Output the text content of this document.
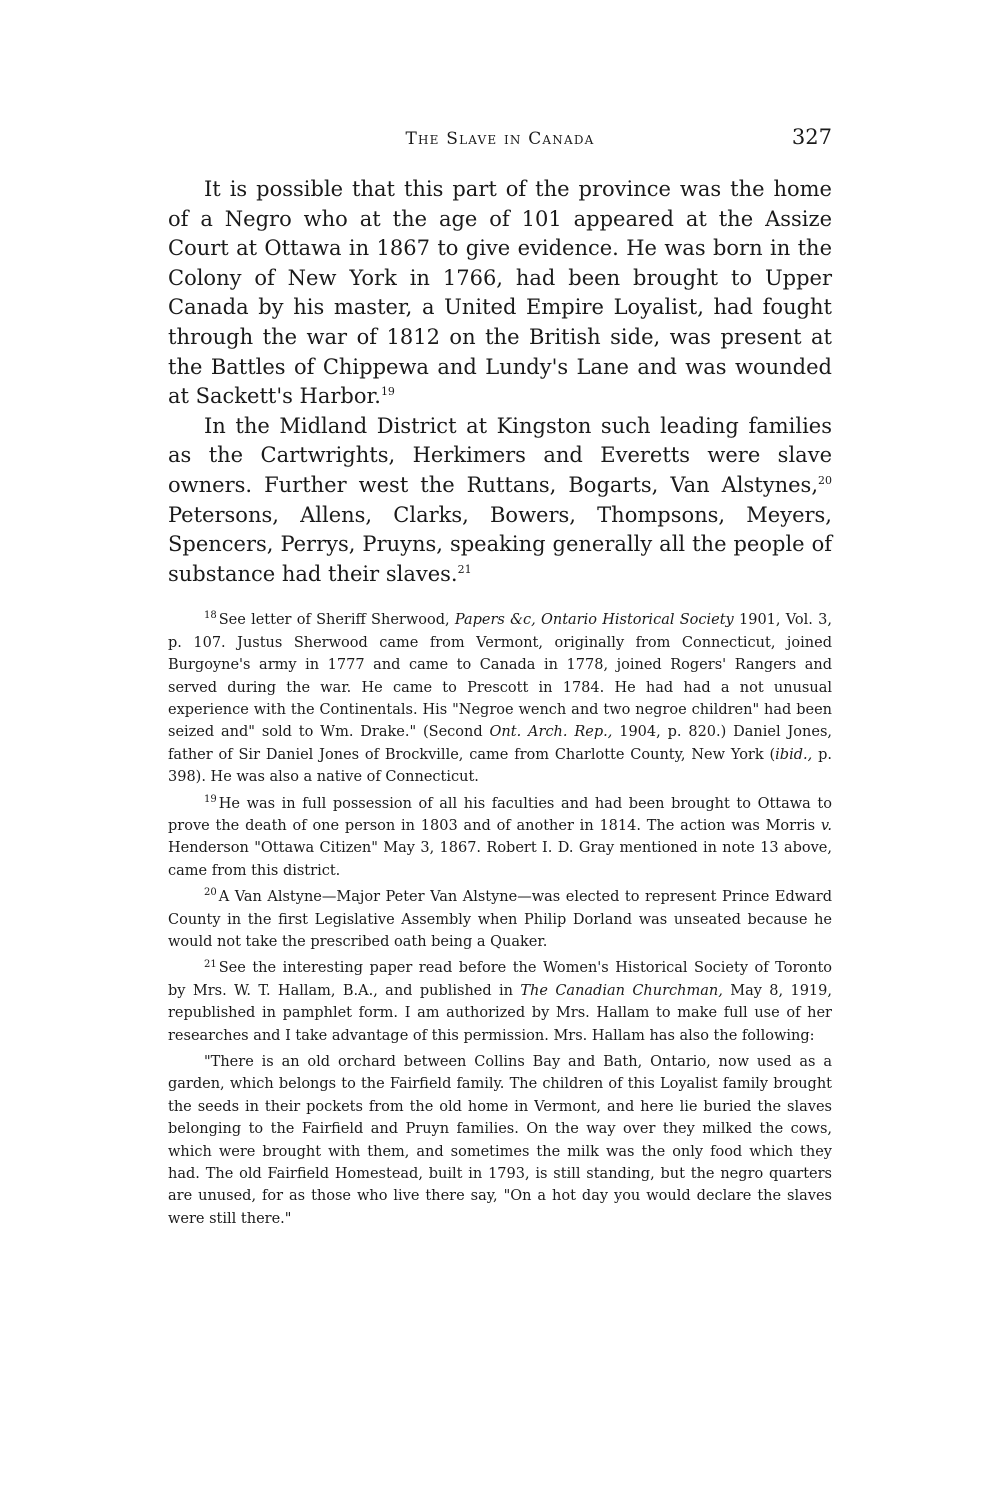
The Slave in Canada	327

It is possible that this part of the province was the home of a Negro who at the age of 101 appeared at the Assize Court at Ottawa in 1867 to give evidence. He was born in the Colony of New York in 1766, had been brought to Upper Canada by his master, a United Empire Loyalist, had fought through the war of 1812 on the British side, was present at the Battles of Chippewa and Lundy's Lane and was wounded at Sackett's Harbor.$^{19}$

In the Midland District at Kingston such leading families as the Cartwrights, Herkimers and Everetts were slave owners. Further west the Ruttans, Bogarts, Van Alstynes,$^{20}$ Petersons, Allens, Clarks, Bowers, Thompsons, Meyers, Spencers, Perrys, Pruyns, speaking generally all the people of substance had their slaves.$^{21}$

$^{18}$ See letter of Sheriff Sherwood, Papers &c, Ontario Historical Society 1901, Vol. 3, p. 107. Justus Sherwood came from Vermont, originally from Connecticut, joined Burgoyne's army in 1777 and came to Canada in 1778, joined Rogers' Rangers and served during the war. He came to Prescott in 1784. He had had a not unusual experience with the Continentals. His "Negroe wench and two negroe children" had been seized and" sold to Wm. Drake." (Second Ont. Arch. Rep., 1904, p. 820.) Daniel Jones, father of Sir Daniel Jones of Brockville, came from Charlotte County, New York (ibid., p. 398). He was also a native of Connecticut.

$^{19}$ He was in full possession of all his faculties and had been brought to Ottawa to prove the death of one person in 1803 and of another in 1814. The action was Morris v. Henderson "Ottawa Citizen" May 3, 1867. Robert I. D. Gray mentioned in note 13 above, came from this district.

$^{20}$ A Van Alstyne—Major Peter Van Alstyne—was elected to represent Prince Edward County in the first Legislative Assembly when Philip Dorland was unseated because he would not take the prescribed oath being a Quaker.

$^{21}$ See the interesting paper read before the Women's Historical Society of Toronto by Mrs. W. T. Hallam, B.A., and published in The Canadian Churchman, May 8, 1919, republished in pamphlet form. I am authorized by Mrs. Hallam to make full use of her researches and I take advantage of this permission. Mrs. Hallam has also the following:

"There is an old orchard between Collins Bay and Bath, Ontario, now used as a garden, which belongs to the Fairfield family. The children of this Loyalist family brought the seeds in their pockets from the old home in Vermont, and here lie buried the slaves belonging to the Fairfield and Pruyn families. On the way over they milked the cows, which were brought with them, and sometimes the milk was the only food which they had. The old Fairfield Homestead, built in 1793, is still standing, but the negro quarters are unused, for as those who live there say, "On a hot day you would declare the slaves were still there."
